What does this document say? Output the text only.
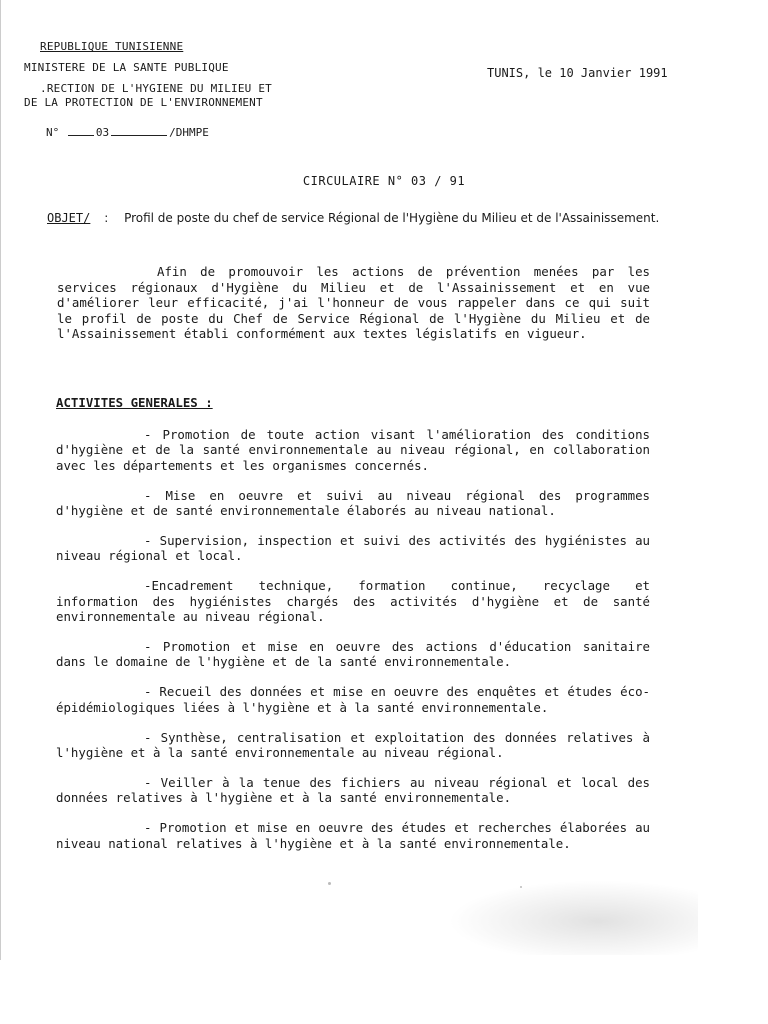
REPUBLIQUE TUNISIENNE
MINISTERE DE LA SANTE PUBLIQUE
.RECTION DE L'HYGIENE DU MILIEU ET
DE LA PROTECTION DE L'ENVIRONNEMENT
TUNIS, le 10 Janvier 1991
N°	03	/DHMPE
CIRCULAIRE N° 03 / 91
OBJET/ : Profil de poste du chef de service Régional de l'Hygiène du Milieu et de l'Assainissement.
Afin de promouvoir les actions de prévention menées par les services régionaux d'Hygiène du Milieu et de l'Assainissement et en vue d'améliorer leur efficacité, j'ai l'honneur de vous rappeler dans ce qui suit le profil de poste du Chef de Service Régional de l'Hygiène du Milieu et de l'Assainissement établi conformément aux textes législatifs en vigueur.
ACTIVITES GENERALES :
- Promotion de toute action visant l'amélioration des conditions d'hygiène et de la santé environnementale au niveau régional, en collaboration avec les départements et les organismes concernés.
- Mise en oeuvre et suivi au niveau régional des programmes d'hygiène et de santé environnementale élaborés au niveau national.
- Supervision, inspection et suivi des activités des hygiénistes au niveau régional et local.
-Encadrement technique, formation continue, recyclage et information des hygiénistes chargés des activités d'hygiène et de santé environnementale au niveau régional.
- Promotion et mise en oeuvre des actions d'éducation sanitaire dans le domaine de l'hygiène et de la santé environnementale.
- Recueil des données et mise en oeuvre des enquêtes et études éco-épidémiologiques liées à l'hygiène et à la santé environnementale.
- Synthèse, centralisation et exploitation des données relatives à l'hygiène et à la santé environnementale au niveau régional.
- Veiller à la tenue des fichiers au niveau régional et local des données relatives à l'hygiène et à la santé environnementale.
- Promotion et mise en oeuvre des études et recherches élaborées au niveau national relatives à l'hygiène et à la santé environnementale.
